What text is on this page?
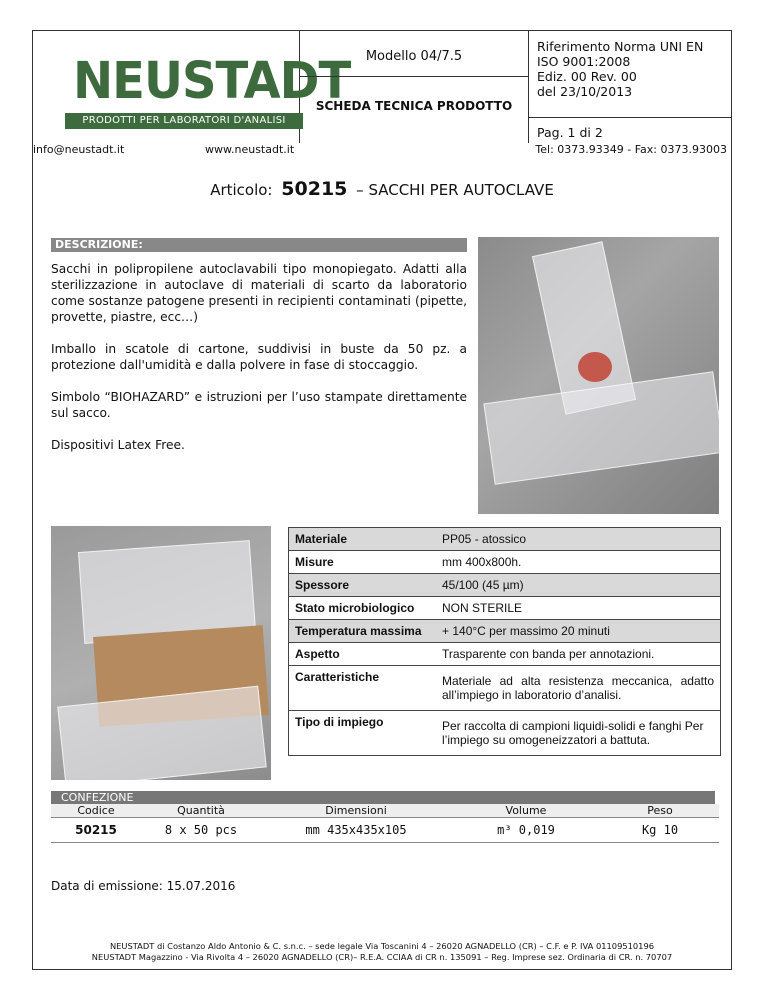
NEUSTADT
PRODOTTI PER LABORATORI D'ANALISI
Modello 04/7.5
SCHEDA TECNICA PRODOTTO
Riferimento Norma UNI EN ISO 9001:2008
Ediz. 00 Rev. 00
del 23/10/2013
Pag. 1 di 2
info@neustadt.it	www.neustadt.it	Tel: 0373.93349 - Fax: 0373.93003
Articolo: 50215 – SACCHI PER AUTOCLAVE
DESCRIZIONE:

Sacchi in polipropilene autoclavabili tipo monopiegato. Adatti alla sterilizzazione in autoclave di materiali di scarto da laboratorio come sostanze patogene presenti in recipienti contaminati (pipette, provette, piastre, ecc…)

Imballo in scatole di cartone, suddivisi in buste da 50 pz. a protezione dall'umidità e dalla polvere in fase di stoccaggio.

Simbolo “BIOHAZARD” e istruzioni per l’uso stampate direttamente sul sacco.

Dispositivi Latex Free.

Materiale	PP05 - atossico
Misure	mm 400x800h.
Spessore	45/100 (45 µm)
Stato microbiologico	NON STERILE
Temperatura massima	+ 140°C per massimo 20 minuti
Aspetto	Trasparente con banda per annotazioni.
Caratteristiche	Materiale ad alta resistenza meccanica, adatto all’impiego in laboratorio d’analisi.
Tipo di impiego	Per raccolta di campioni liquidi-solidi e fanghi Per l’impiego su omogeneizzatori a battuta.
CONFEZIONE
Codice	Quantità	Dimensioni	Volume	Peso
50215	8 x 50 pcs	mm 435x435x105	m³ 0,019	Kg 10
Data di emissione: 15.07.2016
NEUSTADT di Costanzo Aldo Antonio & C. s.n.c. – sede legale Via Toscanini 4 – 26020 AGNADELLO (CR) – C.F. e P. IVA 01109510196
NEUSTADT Magazzino - Via Rivolta 4 – 26020 AGNADELLO (CR)– R.E.A. CCIAA di CR n. 135091 – Reg. Imprese sez. Ordinaria di CR. n. 70707
